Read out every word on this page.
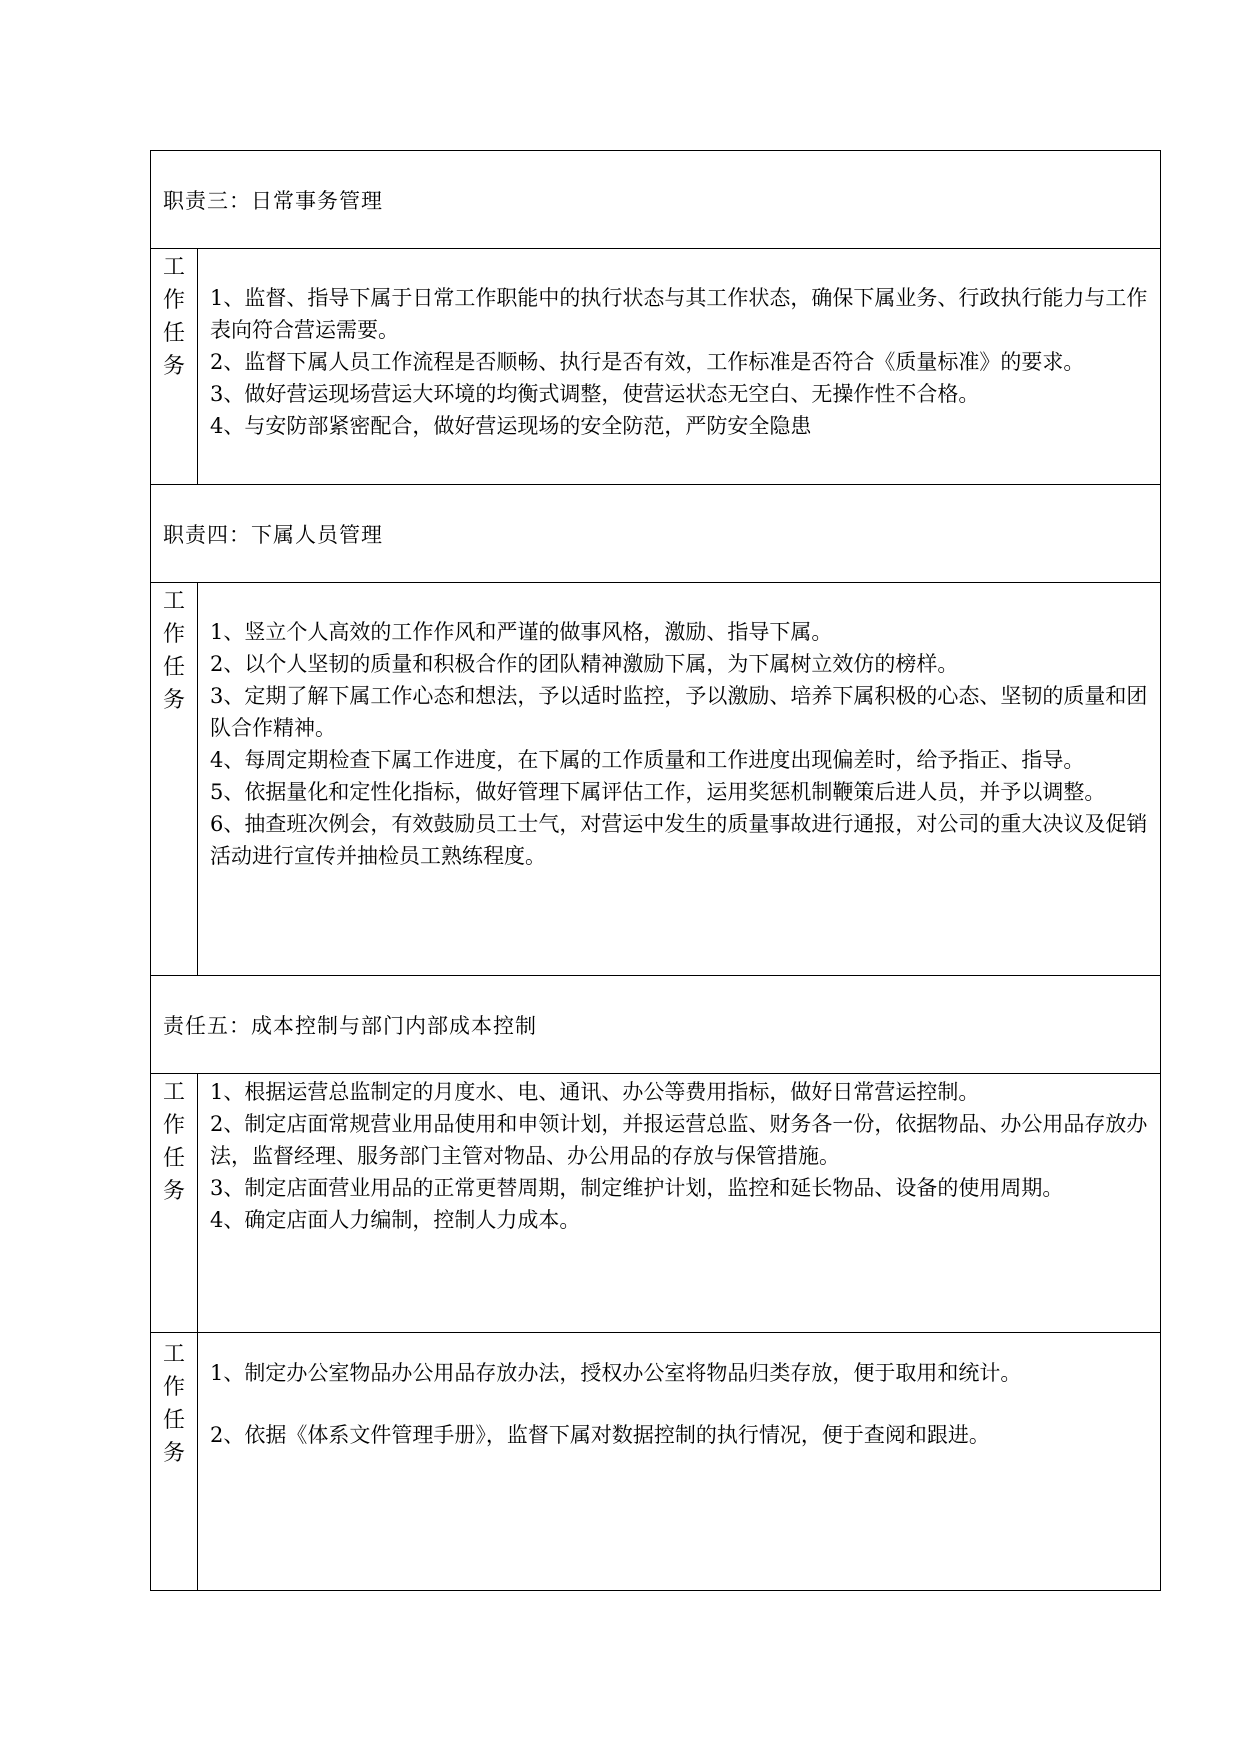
职责三：日常事务管理
工
作
任
务
1、监督、指导下属于日常工作职能中的执行状态与其工作状态，确保下属业务、行政执行能力与工作表向符合营运需要。
2、监督下属人员工作流程是否顺畅、执行是否有效，工作标准是否符合《质量标准》的要求。
3、做好营运现场营运大环境的均衡式调整，使营运状态无空白、无操作性不合格。
4、与安防部紧密配合，做好营运现场的安全防范，严防安全隐患
职责四：下属人员管理
工
作
任
务
1、竖立个人高效的工作作风和严谨的做事风格，激励、指导下属。
2、以个人坚韧的质量和积极合作的团队精神激励下属，为下属树立效仿的榜样。
3、定期了解下属工作心态和想法，予以适时监控，予以激励、培养下属积极的心态、坚韧的质量和团队合作精神。
4、每周定期检查下属工作进度，在下属的工作质量和工作进度出现偏差时，给予指正、指导。
5、依据量化和定性化指标，做好管理下属评估工作，运用奖惩机制鞭策后进人员，并予以调整。
6、抽查班次例会，有效鼓励员工士气，对营运中发生的质量事故进行通报，对公司的重大决议及促销活动进行宣传并抽检员工熟练程度。
责任五：成本控制与部门内部成本控制
工
作
任
务
1、根据运营总监制定的月度水、电、通讯、办公等费用指标，做好日常营运控制。
2、制定店面常规营业用品使用和申领计划，并报运营总监、财务各一份，依据物品、办公用品存放办法，监督经理、服务部门主管对物品、办公用品的存放与保管措施。
3、制定店面营业用品的正常更替周期，制定维护计划，监控和延长物品、设备的使用周期。
4、确定店面人力编制，控制人力成本。
工
作
任
务
1、制定办公室物品办公用品存放办法，授权办公室将物品归类存放，便于取用和统计。
2、依据《体系文件管理手册》，监督下属对数据控制的执行情况，便于查阅和跟进。
